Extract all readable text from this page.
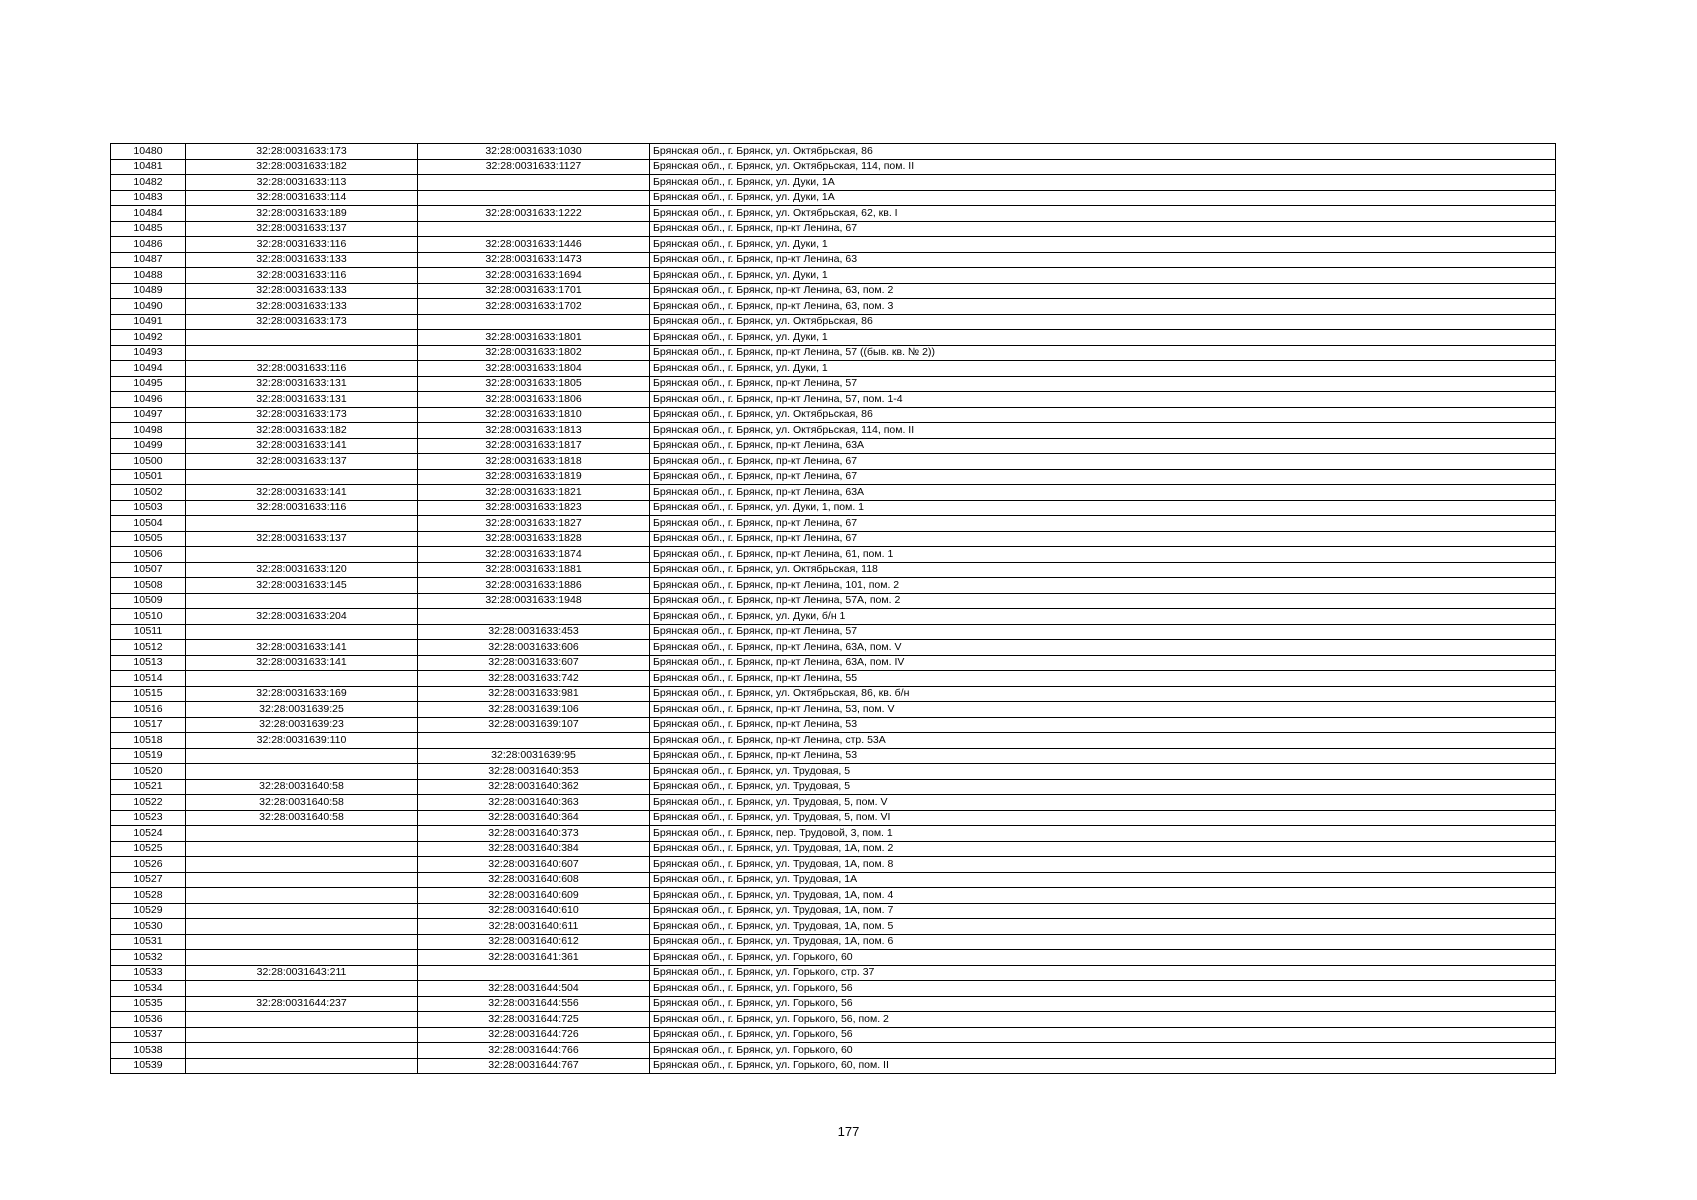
10480	32:28:0031633:173	32:28:0031633:1030	Брянская обл., г. Брянск, ул. Октябрьская, 86
10481	32:28:0031633:182	32:28:0031633:1127	Брянская обл., г. Брянск, ул. Октябрьская, 114, пом. II
10482	32:28:0031633:113		Брянская обл., г. Брянск, ул. Дуки, 1А
10483	32:28:0031633:114		Брянская обл., г. Брянск, ул. Дуки, 1А
10484	32:28:0031633:189	32:28:0031633:1222	Брянская обл., г. Брянск, ул. Октябрьская, 62, кв. I
10485	32:28:0031633:137		Брянская обл., г. Брянск, пр-кт Ленина, 67
10486	32:28:0031633:116	32:28:0031633:1446	Брянская обл., г. Брянск, ул. Дуки, 1
10487	32:28:0031633:133	32:28:0031633:1473	Брянская обл., г. Брянск, пр-кт Ленина, 63
10488	32:28:0031633:116	32:28:0031633:1694	Брянская обл., г. Брянск, ул. Дуки, 1
10489	32:28:0031633:133	32:28:0031633:1701	Брянская обл., г. Брянск, пр-кт Ленина, 63, пом. 2
10490	32:28:0031633:133	32:28:0031633:1702	Брянская обл., г. Брянск, пр-кт Ленина, 63, пом. 3
10491	32:28:0031633:173		Брянская обл., г. Брянск, ул. Октябрьская, 86
10492		32:28:0031633:1801	Брянская обл., г. Брянск, ул. Дуки, 1
10493		32:28:0031633:1802	Брянская обл., г. Брянск, пр-кт Ленина, 57 ((быв. кв. № 2))
10494	32:28:0031633:116	32:28:0031633:1804	Брянская обл., г. Брянск, ул. Дуки, 1
10495	32:28:0031633:131	32:28:0031633:1805	Брянская обл., г. Брянск, пр-кт Ленина, 57
10496	32:28:0031633:131	32:28:0031633:1806	Брянская обл., г. Брянск, пр-кт Ленина, 57, пом. 1-4
10497	32:28:0031633:173	32:28:0031633:1810	Брянская обл., г. Брянск, ул. Октябрьская, 86
10498	32:28:0031633:182	32:28:0031633:1813	Брянская обл., г. Брянск, ул. Октябрьская, 114, пом. II
10499	32:28:0031633:141	32:28:0031633:1817	Брянская обл., г. Брянск, пр-кт Ленина, 63А
10500	32:28:0031633:137	32:28:0031633:1818	Брянская обл., г. Брянск, пр-кт Ленина, 67
10501		32:28:0031633:1819	Брянская обл., г. Брянск, пр-кт Ленина, 67
10502	32:28:0031633:141	32:28:0031633:1821	Брянская обл., г. Брянск, пр-кт Ленина, 63А
10503	32:28:0031633:116	32:28:0031633:1823	Брянская обл., г. Брянск, ул. Дуки, 1, пом. 1
10504		32:28:0031633:1827	Брянская обл., г. Брянск, пр-кт Ленина, 67
10505	32:28:0031633:137	32:28:0031633:1828	Брянская обл., г. Брянск, пр-кт Ленина, 67
10506		32:28:0031633:1874	Брянская обл., г. Брянск, пр-кт Ленина, 61, пом. 1
10507	32:28:0031633:120	32:28:0031633:1881	Брянская обл., г. Брянск, ул. Октябрьская, 118
10508	32:28:0031633:145	32:28:0031633:1886	Брянская обл., г. Брянск, пр-кт Ленина, 101, пом. 2
10509		32:28:0031633:1948	Брянская обл., г. Брянск, пр-кт Ленина, 57А, пом. 2
10510	32:28:0031633:204		Брянская обл., г. Брянск, ул. Дуки, б/н 1
10511		32:28:0031633:453	Брянская обл., г. Брянск, пр-кт Ленина, 57
10512	32:28:0031633:141	32:28:0031633:606	Брянская обл., г. Брянск, пр-кт Ленина, 63А, пом. V
10513	32:28:0031633:141	32:28:0031633:607	Брянская обл., г. Брянск, пр-кт Ленина, 63А, пом. IV
10514		32:28:0031633:742	Брянская обл., г. Брянск, пр-кт Ленина, 55
10515	32:28:0031633:169	32:28:0031633:981	Брянская обл., г. Брянск, ул. Октябрьская, 86, кв. б/н
10516	32:28:0031639:25	32:28:0031639:106	Брянская обл., г. Брянск, пр-кт Ленина, 53, пом. V
10517	32:28:0031639:23	32:28:0031639:107	Брянская обл., г. Брянск, пр-кт Ленина, 53
10518	32:28:0031639:110		Брянская обл., г. Брянск, пр-кт Ленина, стр. 53А
10519		32:28:0031639:95	Брянская обл., г. Брянск, пр-кт Ленина, 53
10520		32:28:0031640:353	Брянская обл., г. Брянск, ул. Трудовая, 5
10521	32:28:0031640:58	32:28:0031640:362	Брянская обл., г. Брянск, ул. Трудовая, 5
10522	32:28:0031640:58	32:28:0031640:363	Брянская обл., г. Брянск, ул. Трудовая, 5, пом. V
10523	32:28:0031640:58	32:28:0031640:364	Брянская обл., г. Брянск, ул. Трудовая, 5, пом. VI
10524		32:28:0031640:373	Брянская обл., г. Брянск, пер. Трудовой, 3, пом. 1
10525		32:28:0031640:384	Брянская обл., г. Брянск, ул. Трудовая, 1А, пом. 2
10526		32:28:0031640:607	Брянская обл., г. Брянск, ул. Трудовая, 1А, пом. 8
10527		32:28:0031640:608	Брянская обл., г. Брянск, ул. Трудовая, 1А
10528		32:28:0031640:609	Брянская обл., г. Брянск, ул. Трудовая, 1А, пом. 4
10529		32:28:0031640:610	Брянская обл., г. Брянск, ул. Трудовая, 1А, пом. 7
10530		32:28:0031640:611	Брянская обл., г. Брянск, ул. Трудовая, 1А, пом. 5
10531		32:28:0031640:612	Брянская обл., г. Брянск, ул. Трудовая, 1А, пом. 6
10532		32:28:0031641:361	Брянская обл., г. Брянск, ул. Горького, 60
10533	32:28:0031643:211		Брянская обл., г. Брянск, ул. Горького, стр. 37
10534		32:28:0031644:504	Брянская обл., г. Брянск, ул. Горького, 56
10535	32:28:0031644:237	32:28:0031644:556	Брянская обл., г. Брянск, ул. Горького, 56
10536		32:28:0031644:725	Брянская обл., г. Брянск, ул. Горького, 56, пом. 2
10537		32:28:0031644:726	Брянская обл., г. Брянск, ул. Горького, 56
10538		32:28:0031644:766	Брянская обл., г. Брянск, ул. Горького, 60
10539		32:28:0031644:767	Брянская обл., г. Брянск, ул. Горького, 60, пом. II
177
